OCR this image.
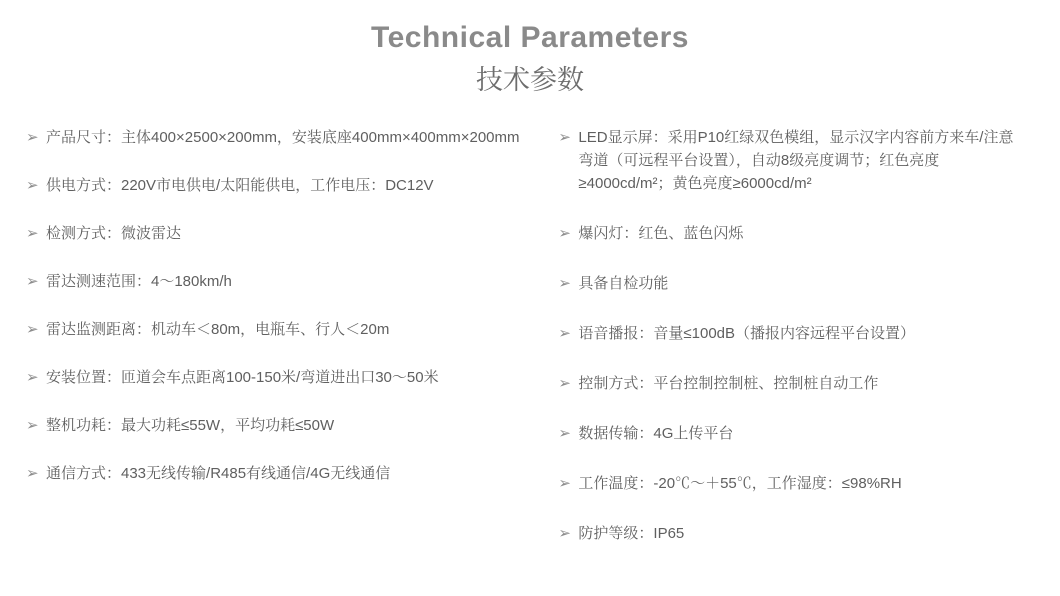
Technical Parameters
技术参数
➢ 产品尺寸：主体400×2500×200mm，安装底座400mm×400mm×200mm
➢ 供电方式：220V市电供电/太阳能供电，工作电压：DC12V
➢ 检测方式：微波雷达
➢ 雷达测速范围：4～180km/h
➢ 雷达监测距离：机动车＜80m，电瓶车、行人＜20m
➢ 安装位置：匝道会车点距离100-150米/弯道进出口30～50米
➢ 整机功耗：最大功耗≤55W，平均功耗≤50W
➢ 通信方式：433无线传输/R485有线通信/4G无线通信
➢ LED显示屏：采用P10红绿双色模组，显示汉字内容前方来车/注意弯道（可远程平台设置），自动8级亮度调节；红色亮度≥4000cd/m²；黄色亮度≥6000cd/m²
➢ 爆闪灯：红色、蓝色闪烁
➢ 具备自检功能
➢ 语音播报：音量≤100dB（播报内容远程平台设置）
➢ 控制方式：平台控制控制桩、控制桩自动工作
➢ 数据传输：4G上传平台
➢ 工作温度：-20℃～＋55℃，工作湿度：≤98%RH
➢ 防护等级：IP65
